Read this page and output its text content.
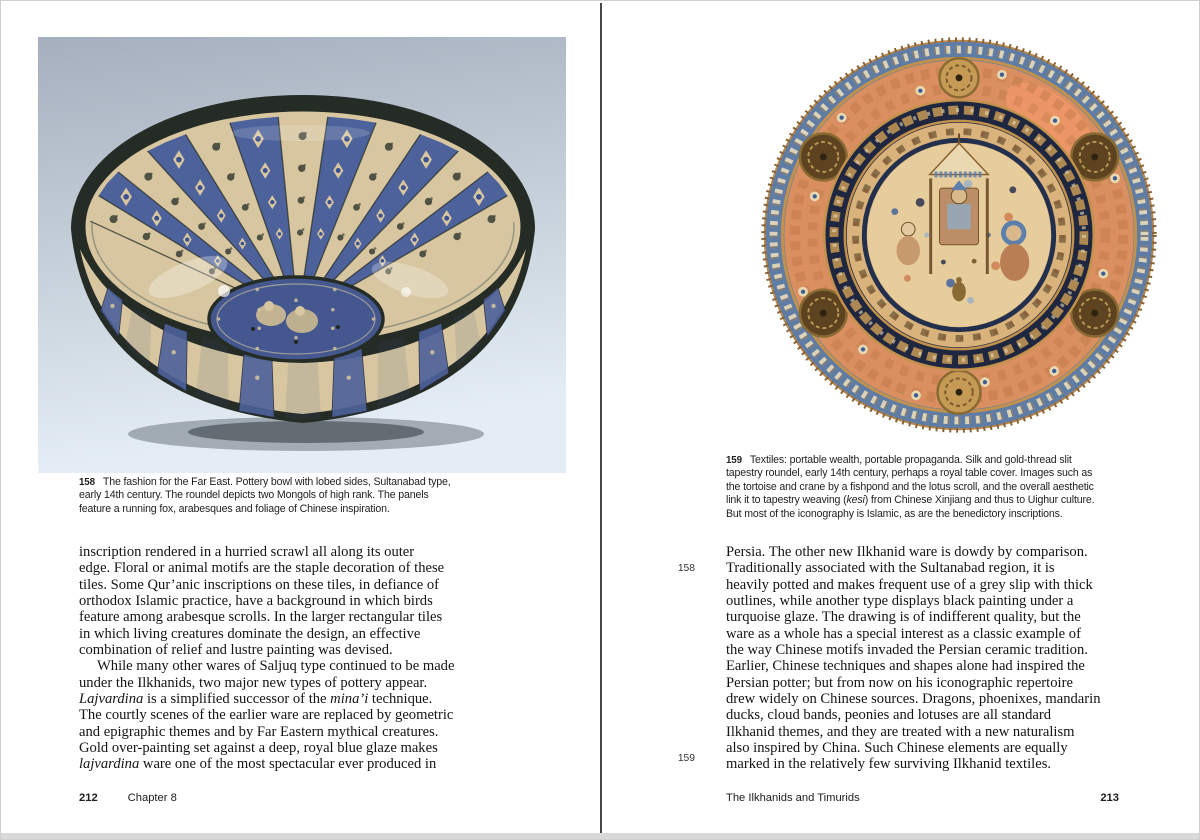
158 The fashion for the Far East. Pottery bowl with lobed sides, Sultanabad type,
early 14th century. The roundel depicts two Mongols of high rank. The panels
feature a running fox, arabesques and foliage of Chinese inspiration.
inscription rendered in a hurried scrawl all along its outer
edge. Floral or animal motifs are the staple decoration of these
tiles. Some Qur’anic inscriptions on these tiles, in defiance of
orthodox Islamic practice, have a background in which birds
feature among arabesque scrolls. In the larger rectangular tiles
in which living creatures dominate the design, an effective
combination of relief and lustre painting was devised.
While many other wares of Saljuq type continued to be made
under the Ilkhanids, two major new types of pottery appear.
Lajvardina is a simplified successor of the mina’i technique.
The courtly scenes of the earlier ware are replaced by geometric
and epigraphic themes and by Far Eastern mythical creatures.
Gold over-painting set against a deep, royal blue glaze makes
lajvardina ware one of the most spectacular ever produced in
212	Chapter 8
159 Textiles: portable wealth, portable propaganda. Silk and gold-thread slit
tapestry roundel, early 14th century, perhaps a royal table cover. Images such as
the tortoise and crane by a fishpond and the lotus scroll, and the overall aesthetic
link it to tapestry weaving (kesi) from Chinese Xinjiang and thus to Uighur culture.
But most of the iconography is Islamic, as are the benedictory inscriptions.
158
159
Persia. The other new Ilkhanid ware is dowdy by comparison.
Traditionally associated with the Sultanabad region, it is
heavily potted and makes frequent use of a grey slip with thick
outlines, while another type displays black painting under a
turquoise glaze. The drawing is of indifferent quality, but the
ware as a whole has a special interest as a classic example of
the way Chinese motifs invaded the Persian ceramic tradition.
Earlier, Chinese techniques and shapes alone had inspired the
Persian potter; but from now on his iconographic repertoire
drew widely on Chinese sources. Dragons, phoenixes, mandarin
ducks, cloud bands, peonies and lotuses are all standard
Ilkhanid themes, and they are treated with a new naturalism
also inspired by China. Such Chinese elements are equally
marked in the relatively few surviving Ilkhanid textiles.
The Ilkhanids and Timurids	213
